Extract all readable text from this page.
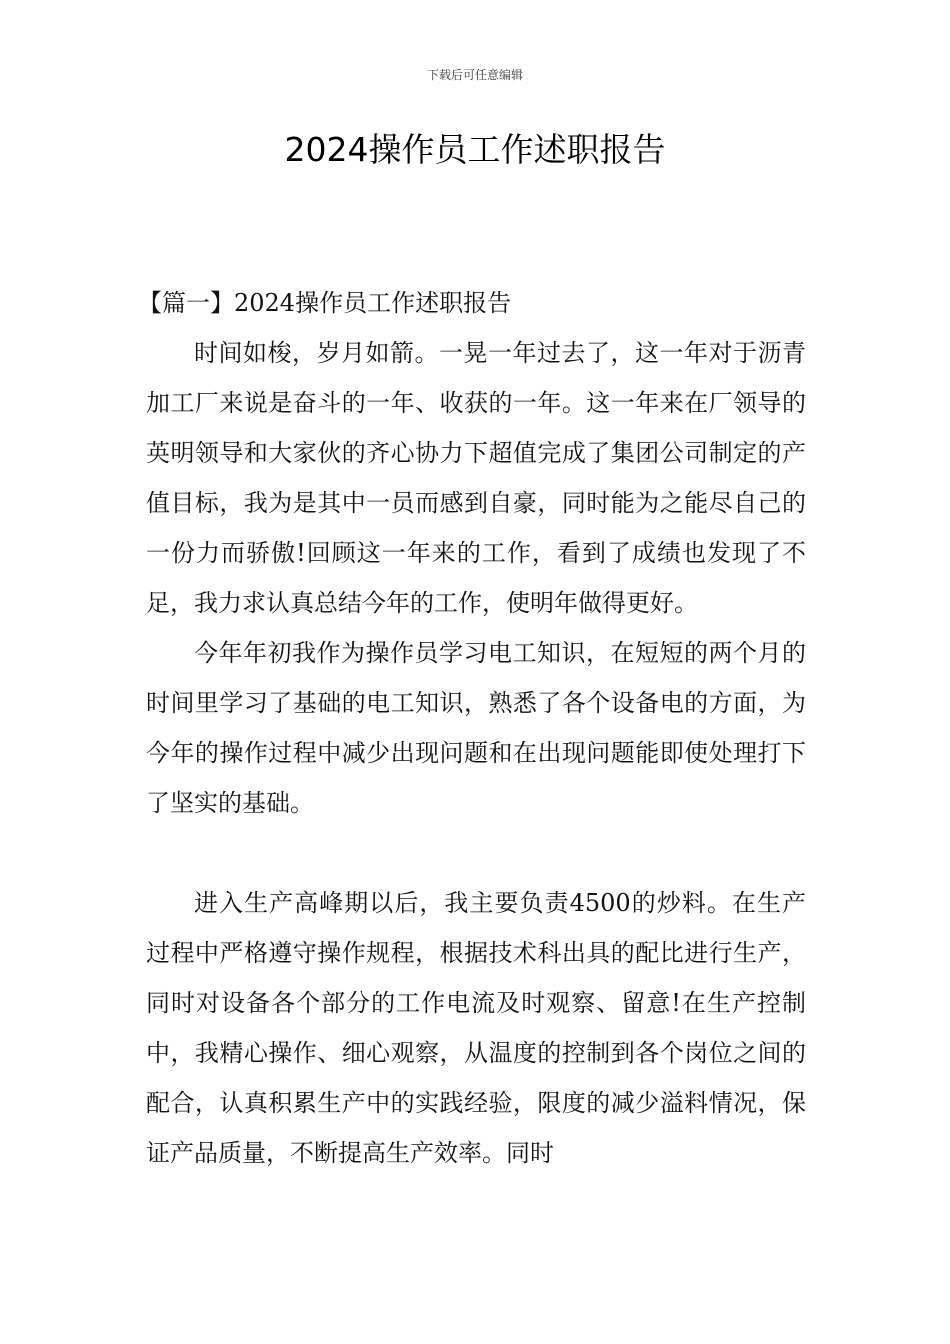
下载后可任意编辑
2024操作员工作述职报告

【篇一】2024操作员工作述职报告

时间如梭，岁月如箭。一晃一年过去了，这一年对于沥青加工厂来说是奋斗的一年、收获的一年。这一年来在厂领导的英明领导和大家伙的齐心协力下超值完成了集团公司制定的产值目标，我为是其中一员而感到自豪，同时能为之能尽自己的一份力而骄傲!回顾这一年来的工作，看到了成绩也发现了不足，我力求认真总结今年的工作，使明年做得更好。

今年年初我作为操作员学习电工知识，在短短的两个月的时间里学习了基础的电工知识，熟悉了各个设备电的方面，为今年的操作过程中减少出现问题和在出现问题能即使处理打下了坚实的基础。

进入生产高峰期以后，我主要负责4500的炒料。在生产过程中严格遵守操作规程，根据技术科出具的配比进行生产，同时对设备各个部分的工作电流及时观察、留意!在生产控制中，我精心操作、细心观察，从温度的控制到各个岗位之间的配合，认真积累生产中的实践经验，限度的减少溢料情况，保证产品质量，不断提高生产效率。同时
